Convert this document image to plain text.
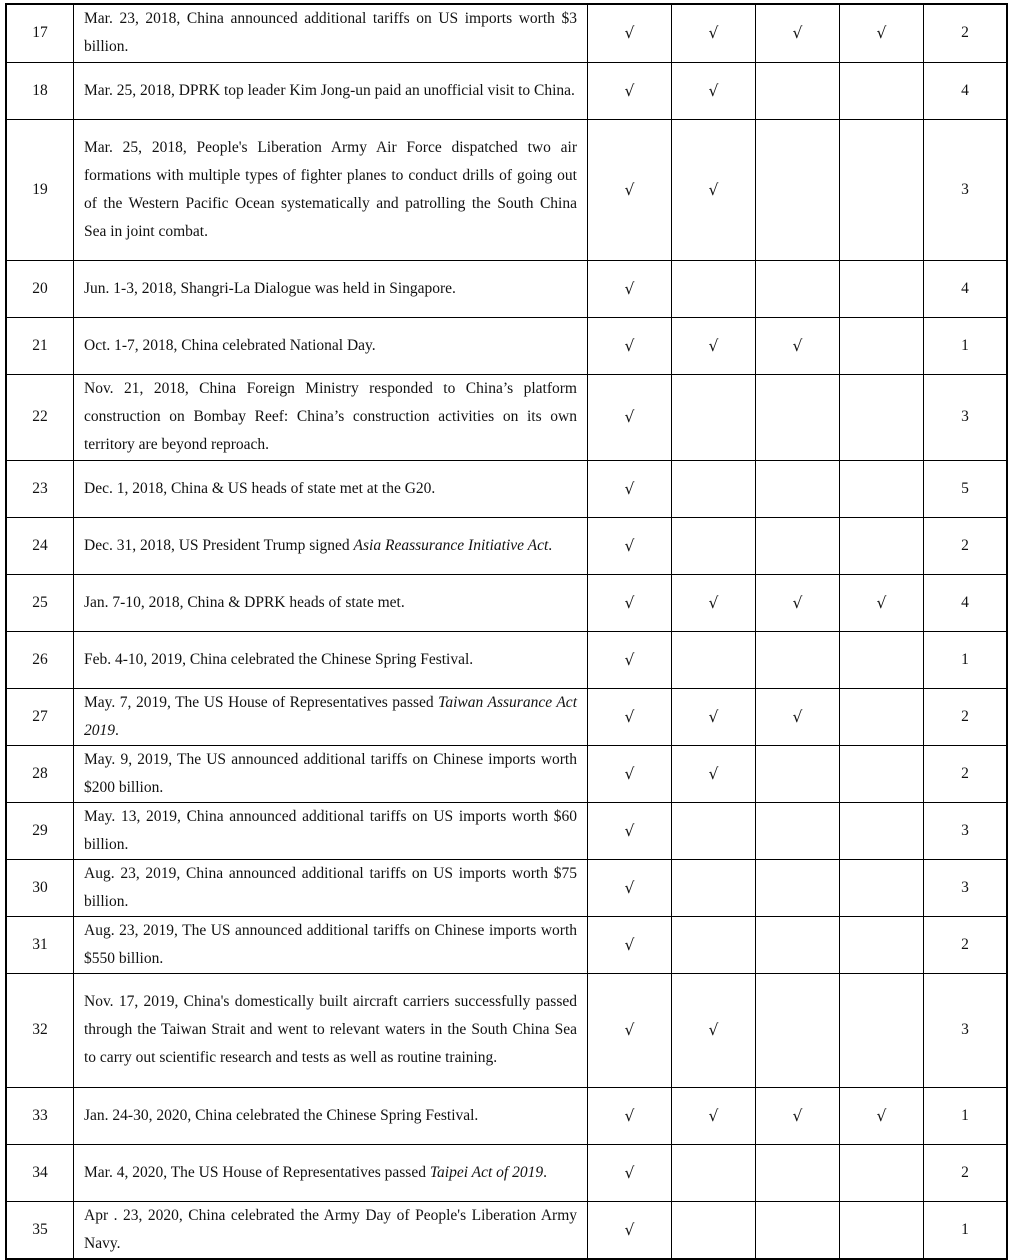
17	Mar. 23, 2018, China announced additional tariffs on US imports worth $3 billion.	√	√	√	√	2
18	Mar. 25, 2018, DPRK top leader Kim Jong-un paid an unofficial visit to China.	√	√			4
19	Mar. 25, 2018, People's Liberation Army Air Force dispatched two air formations with multiple types of fighter planes to conduct drills of going out of the Western Pacific Ocean systematically and patrolling the South China Sea in joint combat.	√	√			3
20	Jun. 1-3, 2018, Shangri-La Dialogue was held in Singapore.	√				4
21	Oct. 1-7, 2018, China celebrated National Day.	√	√	√		1
22	Nov. 21, 2018, China Foreign Ministry responded to China’s platform construction on Bombay Reef: China’s construction activities on its own territory are beyond reproach.	√				3
23	Dec. 1, 2018, China & US heads of state met at the G20.	√				5
24	Dec. 31, 2018, US President Trump signed Asia Reassurance Initiative Act.	√				2
25	Jan. 7-10, 2018, China & DPRK heads of state met.	√	√	√	√	4
26	Feb. 4-10, 2019, China celebrated the Chinese Spring Festival.	√				1
27	May. 7, 2019, The US House of Representatives passed Taiwan Assurance Act 2019.	√	√	√		2
28	May. 9, 2019, The US announced additional tariffs on Chinese imports worth $200 billion.	√	√			2
29	May. 13, 2019, China announced additional tariffs on US imports worth $60 billion.	√				3
30	Aug. 23, 2019, China announced additional tariffs on US imports worth $75 billion.	√				3
31	Aug. 23, 2019, The US announced additional tariffs on Chinese imports worth $550 billion.	√				2
32	Nov. 17, 2019, China's domestically built aircraft carriers successfully passed through the Taiwan Strait and went to relevant waters in the South China Sea to carry out scientific research and tests as well as routine training.	√	√			3
33	Jan. 24-30, 2020, China celebrated the Chinese Spring Festival.	√	√	√	√	1
34	Mar. 4, 2020, The US House of Representatives passed Taipei Act of 2019.	√				2
35	Apr . 23, 2020, China celebrated the Army Day of People's Liberation Army Navy.	√				1
